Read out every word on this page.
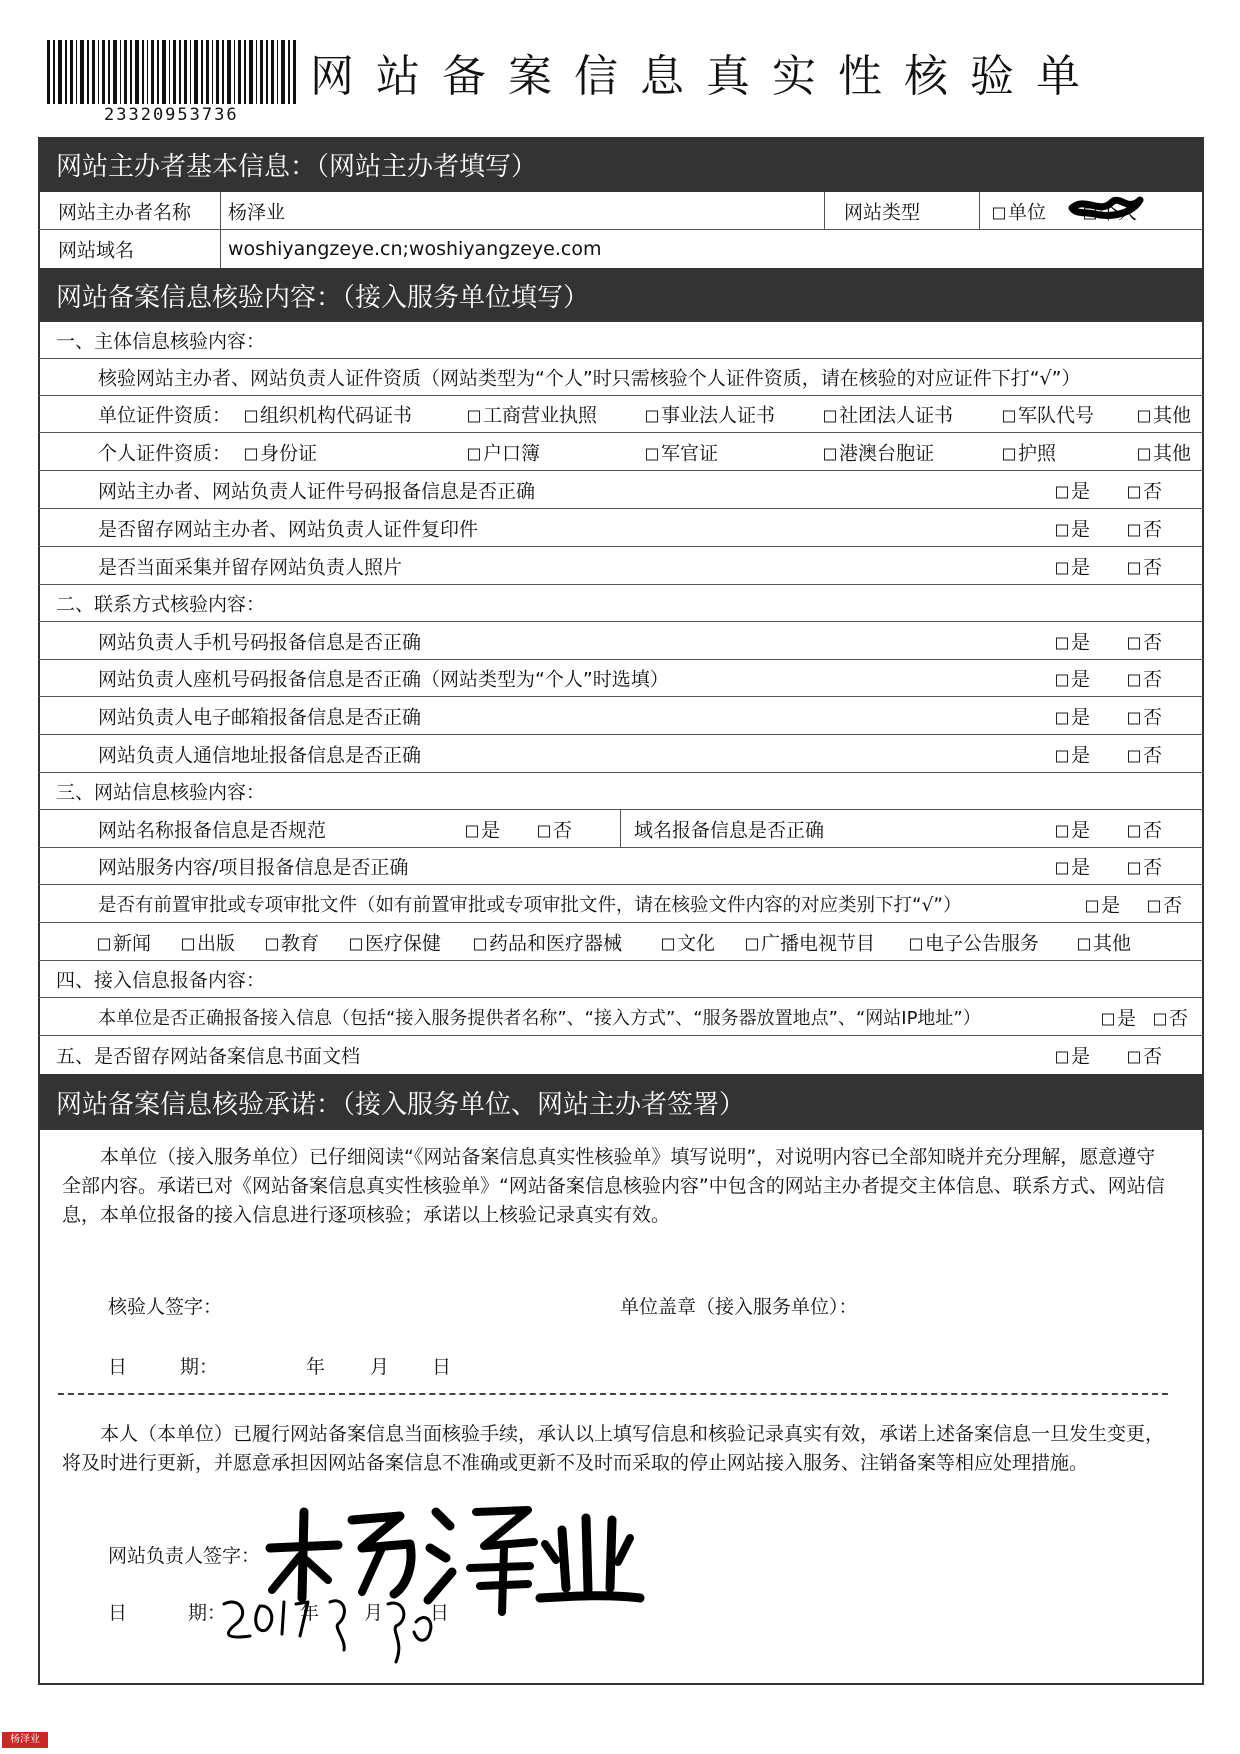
23320953736
网站备案信息真实性核验单
网站主办者基本信息：（网站主办者填写）
网站主办者名称 杨泽业	网站类型	单位	个人
网站域名	woshiyangzeye.cn;woshiyangzeye.com
网站备案信息核验内容：（接入服务单位填写）
一、主体信息核验内容：
核验网站主办者、网站负责人证件资质（网站类型为“个人”时只需核验个人证件资质，请在核验的对应证件下打“√”）
单位证件资质：	组织机构代码证书	工商营业执照	事业法人证书	社团法人证书	军队代号	其他
个人证件资质：	身份证	户口簿	军官证	港澳台胞证	护照	其他
网站主办者、网站负责人证件号码报备信息是否正确	是	否
是否留存网站主办者、网站负责人证件复印件	是	否
是否当面采集并留存网站负责人照片	是	否
二、联系方式核验内容：
网站负责人手机号码报备信息是否正确	是	否
网站负责人座机号码报备信息是否正确（网站类型为“个人”时选填）	是	否
网站负责人电子邮箱报备信息是否正确	是	否
网站负责人通信地址报备信息是否正确	是	否
三、网站信息核验内容：
网站名称报备信息是否规范	是	否	域名报备信息是否正确	是	否
网站服务内容/项目报备信息是否正确	是	否
是否有前置审批或专项审批文件（如有前置审批或专项审批文件，请在核验文件内容的对应类别下打“√”）	是	否
新闻	出版	教育	医疗保健	药品和医疗器械	文化	广播电视节目	电子公告服务	其他
四、接入信息报备内容：
本单位是否正确报备接入信息（包括“接入服务提供者名称”、“接入方式”、“服务器放置地点”、“网站IP地址”）	是	否
五、是否留存网站备案信息书面文档	是	否
网站备案信息核验承诺：（接入服务单位、网站主办者签署）
本单位（接入服务单位）已仔细阅读“《网站备案信息真实性核验单》填写说明”，对说明内容已全部知晓并充分理解，愿意遵守全部内容。承诺已对《网站备案信息真实性核验单》“网站备案信息核验内容”中包含的网站主办者提交主体信息、联系方式、网站信息，本单位报备的接入信息进行逐项核验；承诺以上核验记录真实有效。
核验人签字：	单位盖章（接入服务单位）：
日	期：	年 月 日
本人（本单位）已履行网站备案信息当面核验手续，承认以上填写信息和核验记录真实有效，承诺上述备案信息一旦发生变更，将及时进行更新，并愿意承担因网站备案信息不准确或更新不及时而采取的停止网站接入服务、注销备案等相应处理措施。
网站负责人签字：
日	期：	年 月 日
杨泽业
